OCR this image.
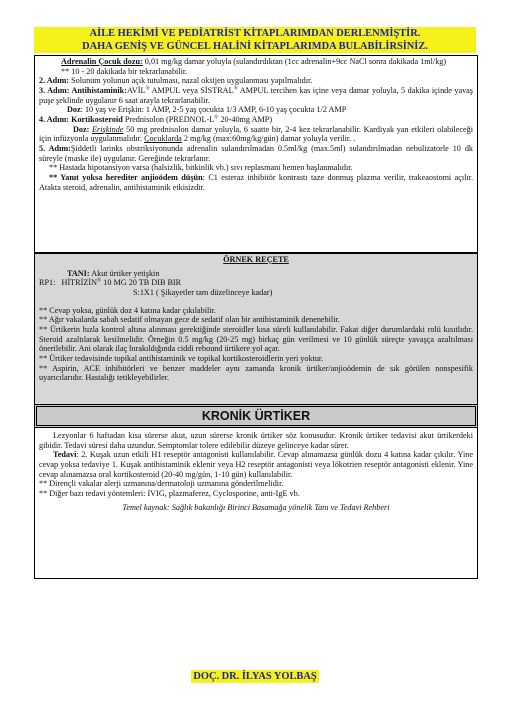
AİLE HEKİMİ VE PEDİATRİST KİTAPLARIMDAN DERLENMİŞTİR.
DAHA GENİŞ VE GÜNCEL HALİNİ KİTAPLARIMDA BULABİLİRSİNİZ.

Adrenalin Çocuk dozu: 0,01 mg/kg damar yoluyla (sulandırdıktan (1cc adrenalin+9cc NaCl sonra dakikada 1ml/kg)

** 10 - 20 dakikada bir tekrarlanabilir.

2. Adım: Solunum yolunun açık tutulması, nazal oksijen uygulanması yapılmalıdır.

3. Adım: Antihistaminik:AVİL® AMPUL veya SİSTRAL® AMPUL tercihen kas içine veya damar yoluyla, 5 dakika içinde yavaş puşe şeklinde uygulanır 6 saat arayla tekrarlanabilir.

Doz: 10 yaş ve Erişkin: 1 AMP, 2-5 yaş çocukta 1/3 AMP, 6-10 yaş çocukta 1/2 AMP

4. Adım: Kortikosteroid Prednisolon (PREDNOL-L® 20-40mg AMP)

Doz: Erişkinde 50 mg prednisolon damar yoluyla, 6 saatte bir, 2-4 kez tekrarlanabilir. Kardiyak yan etkileri olabileceği için infüzyonla uygulanmalıdır. Çocuklarda 2 mg/kg (max:60mg/kg/gün) damar yoluyla verilir. .

5. Adım:Şiddetli larinks obstriksiyonunda adrenalin sulandırılmadan 0.5ml/kg (max.5ml) sulandırılmadan nebulizatorle 10 dk süreyle (maske ile) uygulanır. Gereğinde tekrarlanır.

** Hastada hipotansiyon varsa (halsizlik, bitkinlik vb.) sıvı replasmanı hemen başlanmalıdır.

** Yanıt yoksa herediter anjioödem düşün: C1 esteraz inhibitör kontrastı taze donmuş plazma verilir, trakeaostomi açılır. Atakta steroid, adrenalin, antihistaminik etkisizdir.

ÖRNEK REÇETE

TANI: Akut ürtiker yetişkin

RP1: HİTRİZİN® 10 MG 20 TB DIB BIR

S:1X1 ( Şikayetler tam düzelinceye kadar)

** Cevap yoksa, günlük doz 4 katına kadar çıkılabilir.

** Ağır vakalarda sabah sedatif olmayan gece de sedatif olan bir antihistaminik denenebilir.

** Ürtikerin hızla kontrol altına alınması gerektiğinde steroidler kısa süreli kullanılabilir. Fakat diğer durumlardaki rolü kısıtlıdır. Steroid azaltılarak kesilmelidir. Örneğin 0.5 mg/kg (20-25 mg) birkaç gün verilmesi ve 10 günlük süreçte yavaşça azaltılması önerilebilir. Ani olarak ilaç bırakıldığında ciddi rebound ürtikere yol açar.

** Ürtiker tedavisinde topikal antihistaminik ve topikal kortikosteroidlerin yeri yoktur.

** Aspirin, ACE inhibitörleri ve benzer maddeler aynı zamanda kronik ürtiker/anjioödemin de sık görülen nonspesifik uyarıcılarıdır. Hastalığı tetikleyebilirler.

KRONİK ÜRTİKER

Lezyonlar 6 haftadan kısa sürerse akut, uzun sürerse kronik ürtiker söz konusudur. Kronik ürtiker tedavisi akut ürtikerdeki gibidir. Tedavi süresi daha uzundur. Semptomlar tolere edilebilir düzeye gelinceye kadar sürer.

Tedavi: 2. Kuşak uzun etkili H1 reseptör antagonisti kullanılabilir. Cevap alınamazsa günlük dozu 4 katına kadar çıkılır. Yine cevap yoksa tedaviye 1. Kuşak antihistaminik eklenir veya H2 reseptör antagonisti veya lökotrien reseptör antagonisti eklenir. Yine cevap alınamazsa oral kortikosteroid (20-40 mg/gün, 1-10 gün) kullanılabilir.

** Dirençli vakalar alerji uzmanına/dermatoloji uzmanına gönderilmelidir.

** Diğer bazı tedavi yöntemleri: IVIG, plazmaferez, Cyclosporine, anti-IgE vb.

Temel kaynak: Sağlık bakanlığı Birinci Basamağa yönelik Tanı ve Tedavi Rehberi

DOÇ. DR. İLYAS YOLBAŞ
